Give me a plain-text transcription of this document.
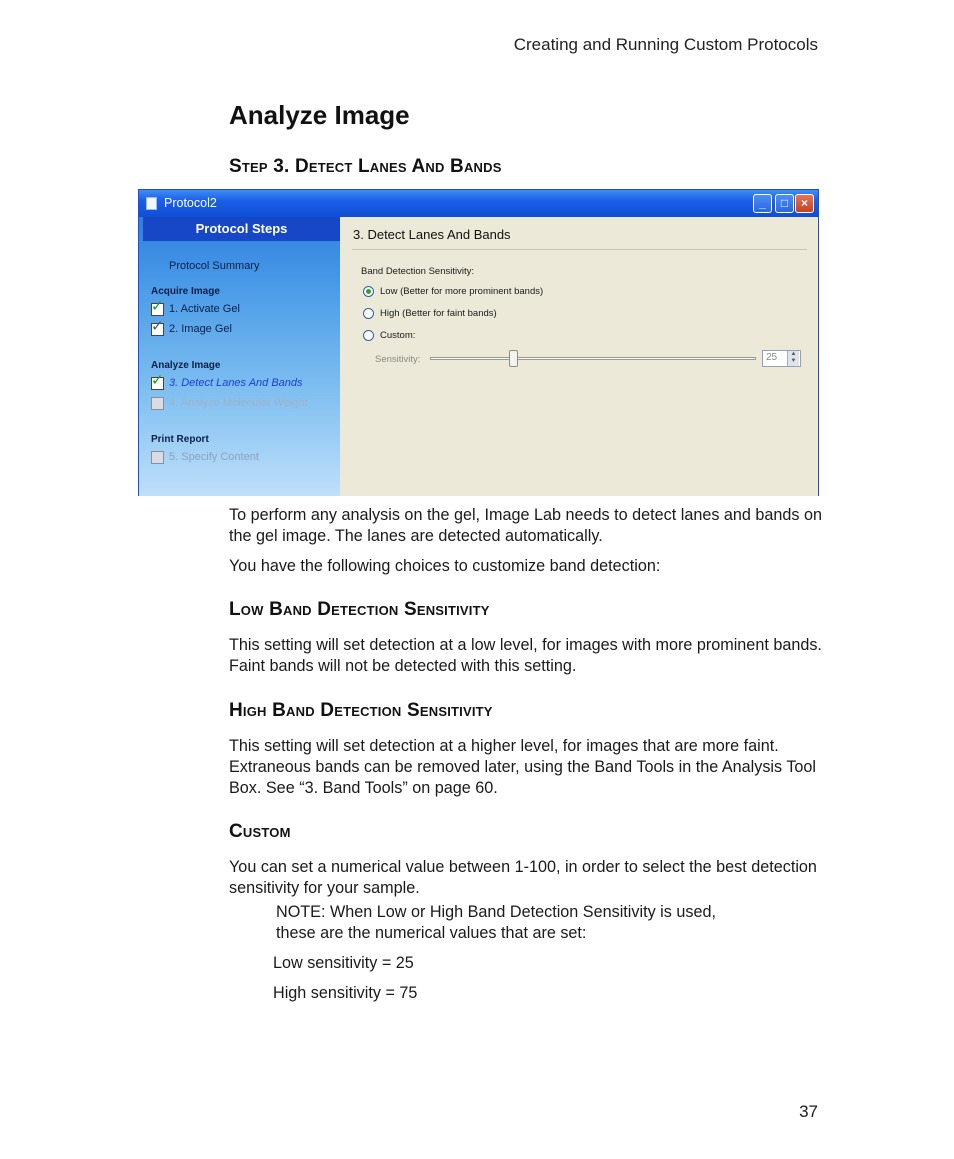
Creating and Running Custom Protocols
Analyze Image
Step 3. Detect Lanes And Bands
Protocol2	_	□	×
Protocol Steps
Protocol Summary
Acquire Image
✓ 1. Activate Gel
✓ 2. Image Gel
Analyze Image
✓ 3. Detect Lanes And Bands
4. Analyze Molecular Weight
Print Report
5. Specify Content
3. Detect Lanes And Bands
Band Detection Sensitivity:
Low (Better for more prominent bands)
High (Better for faint bands)
Custom:
Sensitivity:	25	▲
▼
To perform any analysis on the gel, Image Lab needs to detect lanes and bands on the gel image. The lanes are detected automatically.
You have the following choices to customize band detection:
Low Band Detection Sensitivity
This setting will set detection at a low level, for images with more prominent bands. Faint bands will not be detected with this setting.
High Band Detection Sensitivity
This setting will set detection at a higher level, for images that are more faint. Extraneous bands can be removed later, using the Band Tools in the Analysis Tool Box. See “3. Band Tools” on page 60.
Custom
You can set a numerical value between 1-100, in order to select the best detection sensitivity for your sample.
NOTE: When Low or High Band Detection Sensitivity is used, these are the numerical values that are set:
Low sensitivity = 25
High sensitivity = 75
37
